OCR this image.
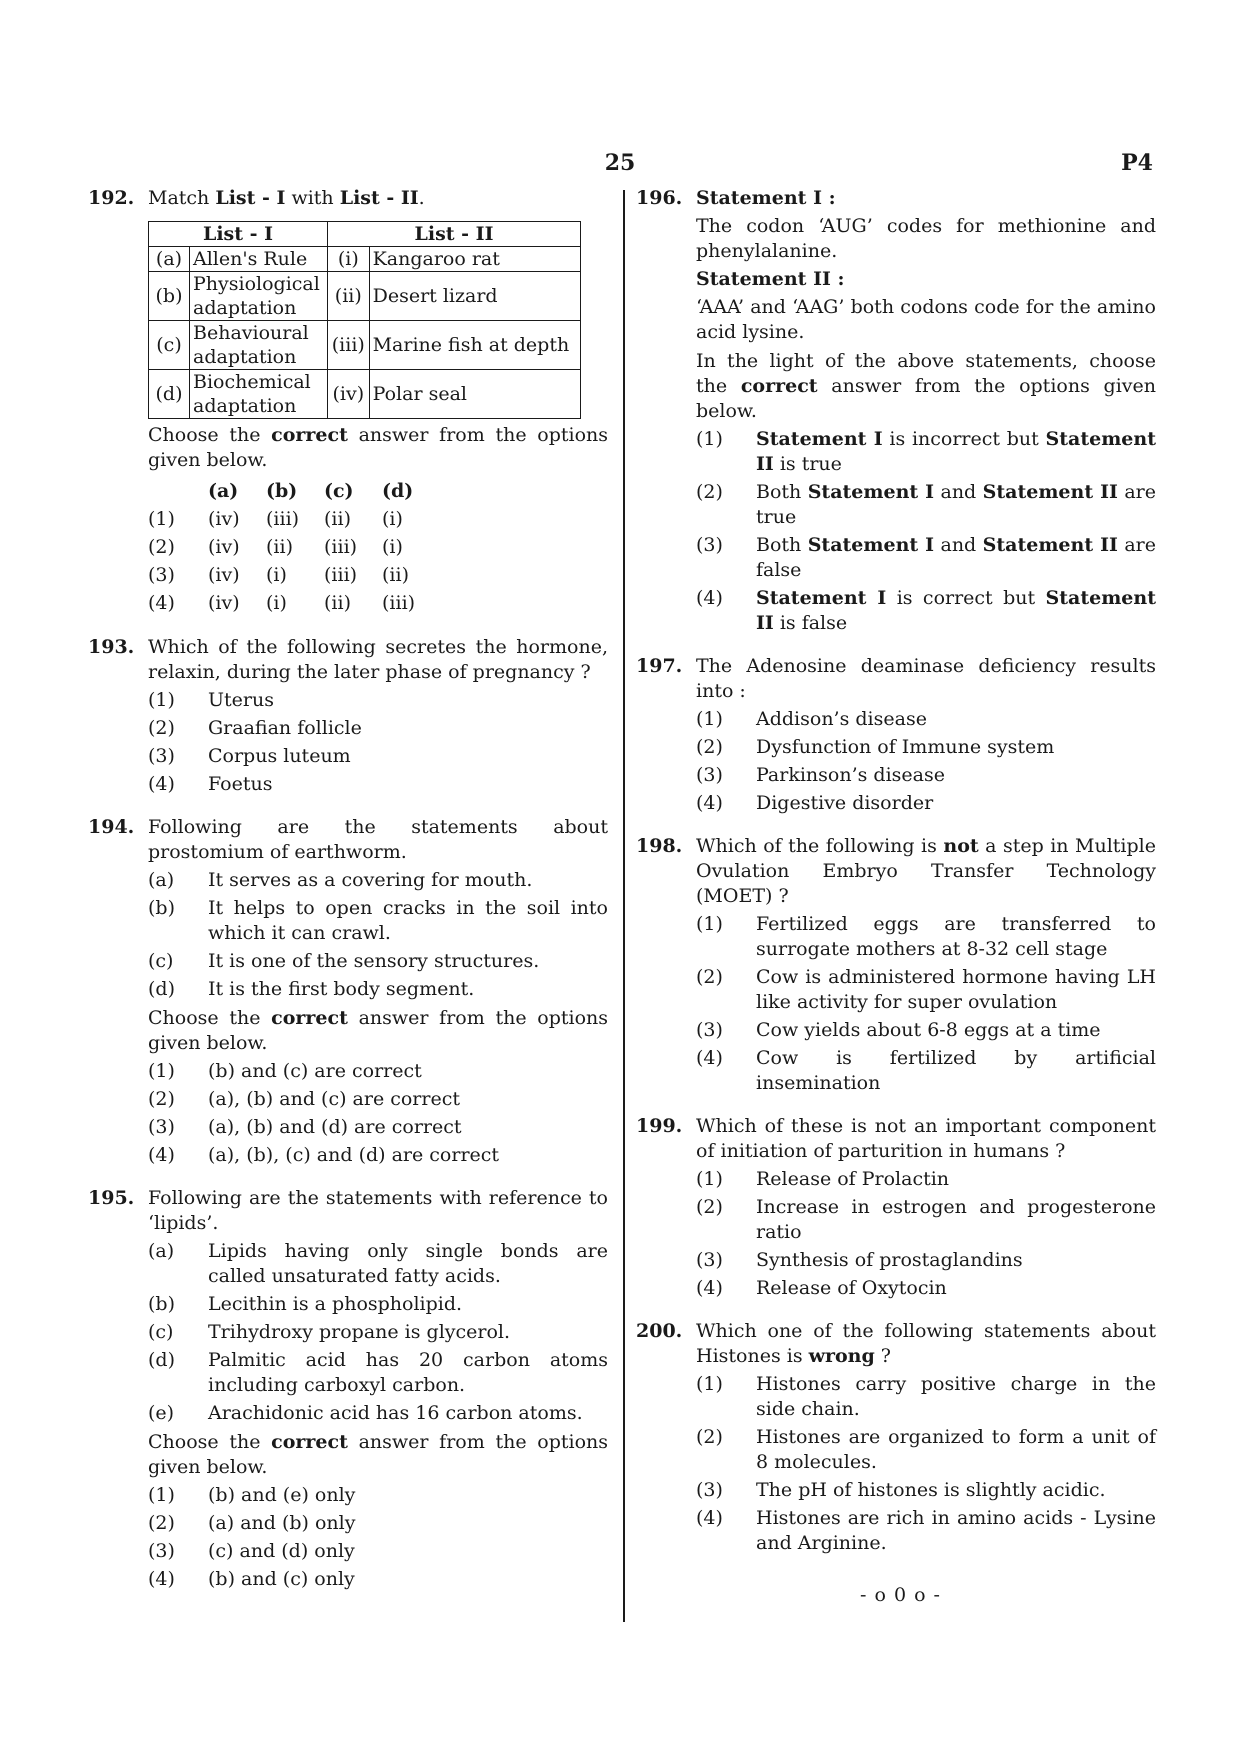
25	P4
192. Match List - I with List - II.
List - I		List - II	
(a)	Allen's Rule	(i)	Kangaroo rat
(b)	Physiological adaptation	(ii)	Desert lizard
(c)	Behavioural adaptation	(iii)	Marine fish at depth
(d)	Biochemical adaptation	(iv)	Polar seal
Choose the correct answer from the options given below.
(a)	(b)	(c)	(d)
(1)	(iv)	(iii)	(ii)	(i)
(2)	(iv)	(ii)	(iii)	(i)
(3)	(iv)	(i)	(iii)	(ii)
(4)	(iv)	(i)	(ii)	(iii)
193. Which of the following secretes the hormone, relaxin, during the later phase of pregnancy ?
(1) Uterus
(2) Graafian follicle
(3) Corpus luteum
(4) Foetus
194. Following are the statements about prostomium of earthworm.
(a) It serves as a covering for mouth.
(b) It helps to open cracks in the soil into which it can crawl.
(c) It is one of the sensory structures.
(d) It is the first body segment.
Choose the correct answer from the options given below.
(1) (b) and (c) are correct
(2) (a), (b) and (c) are correct
(3) (a), (b) and (d) are correct
(4) (a), (b), (c) and (d) are correct
195. Following are the statements with reference to ‘lipids’.
(a) Lipids having only single bonds are called unsaturated fatty acids.
(b) Lecithin is a phospholipid.
(c) Trihydroxy propane is glycerol.
(d) Palmitic acid has 20 carbon atoms including carboxyl carbon.
(e) Arachidonic acid has 16 carbon atoms.
Choose the correct answer from the options given below.
(1) (b) and (e) only
(2) (a) and (b) only
(3) (c) and (d) only
(4) (b) and (c) only
196. Statement I :
The codon ‘AUG’ codes for methionine and phenylalanine.
Statement II :
‘AAA’ and ‘AAG’ both codons code for the amino acid lysine.
In the light of the above statements, choose the correct answer from the options given below.
(1) Statement I is incorrect but Statement II is true
(2) Both Statement I and Statement II are true
(3) Both Statement I and Statement II are false
(4) Statement I is correct but Statement II is false
197. The Adenosine deaminase deficiency results into :
(1) Addison’s disease
(2) Dysfunction of Immune system
(3) Parkinson’s disease
(4) Digestive disorder
198. Which of the following is not a step in Multiple Ovulation Embryo Transfer Technology (MOET) ?
(1) Fertilized eggs are transferred to surrogate mothers at 8-32 cell stage
(2) Cow is administered hormone having LH like activity for super ovulation
(3) Cow yields about 6-8 eggs at a time
(4) Cow is fertilized by artificial insemination
199. Which of these is not an important component of initiation of parturition in humans ?
(1) Release of Prolactin
(2) Increase in estrogen and progesterone ratio
(3) Synthesis of prostaglandins
(4) Release of Oxytocin
200. Which one of the following statements about Histones is wrong ?
(1) Histones carry positive charge in the side chain.
(2) Histones are organized to form a unit of 8 molecules.
(3) The pH of histones is slightly acidic.
(4) Histones are rich in amino acids - Lysine and Arginine.
- o 0 o -
